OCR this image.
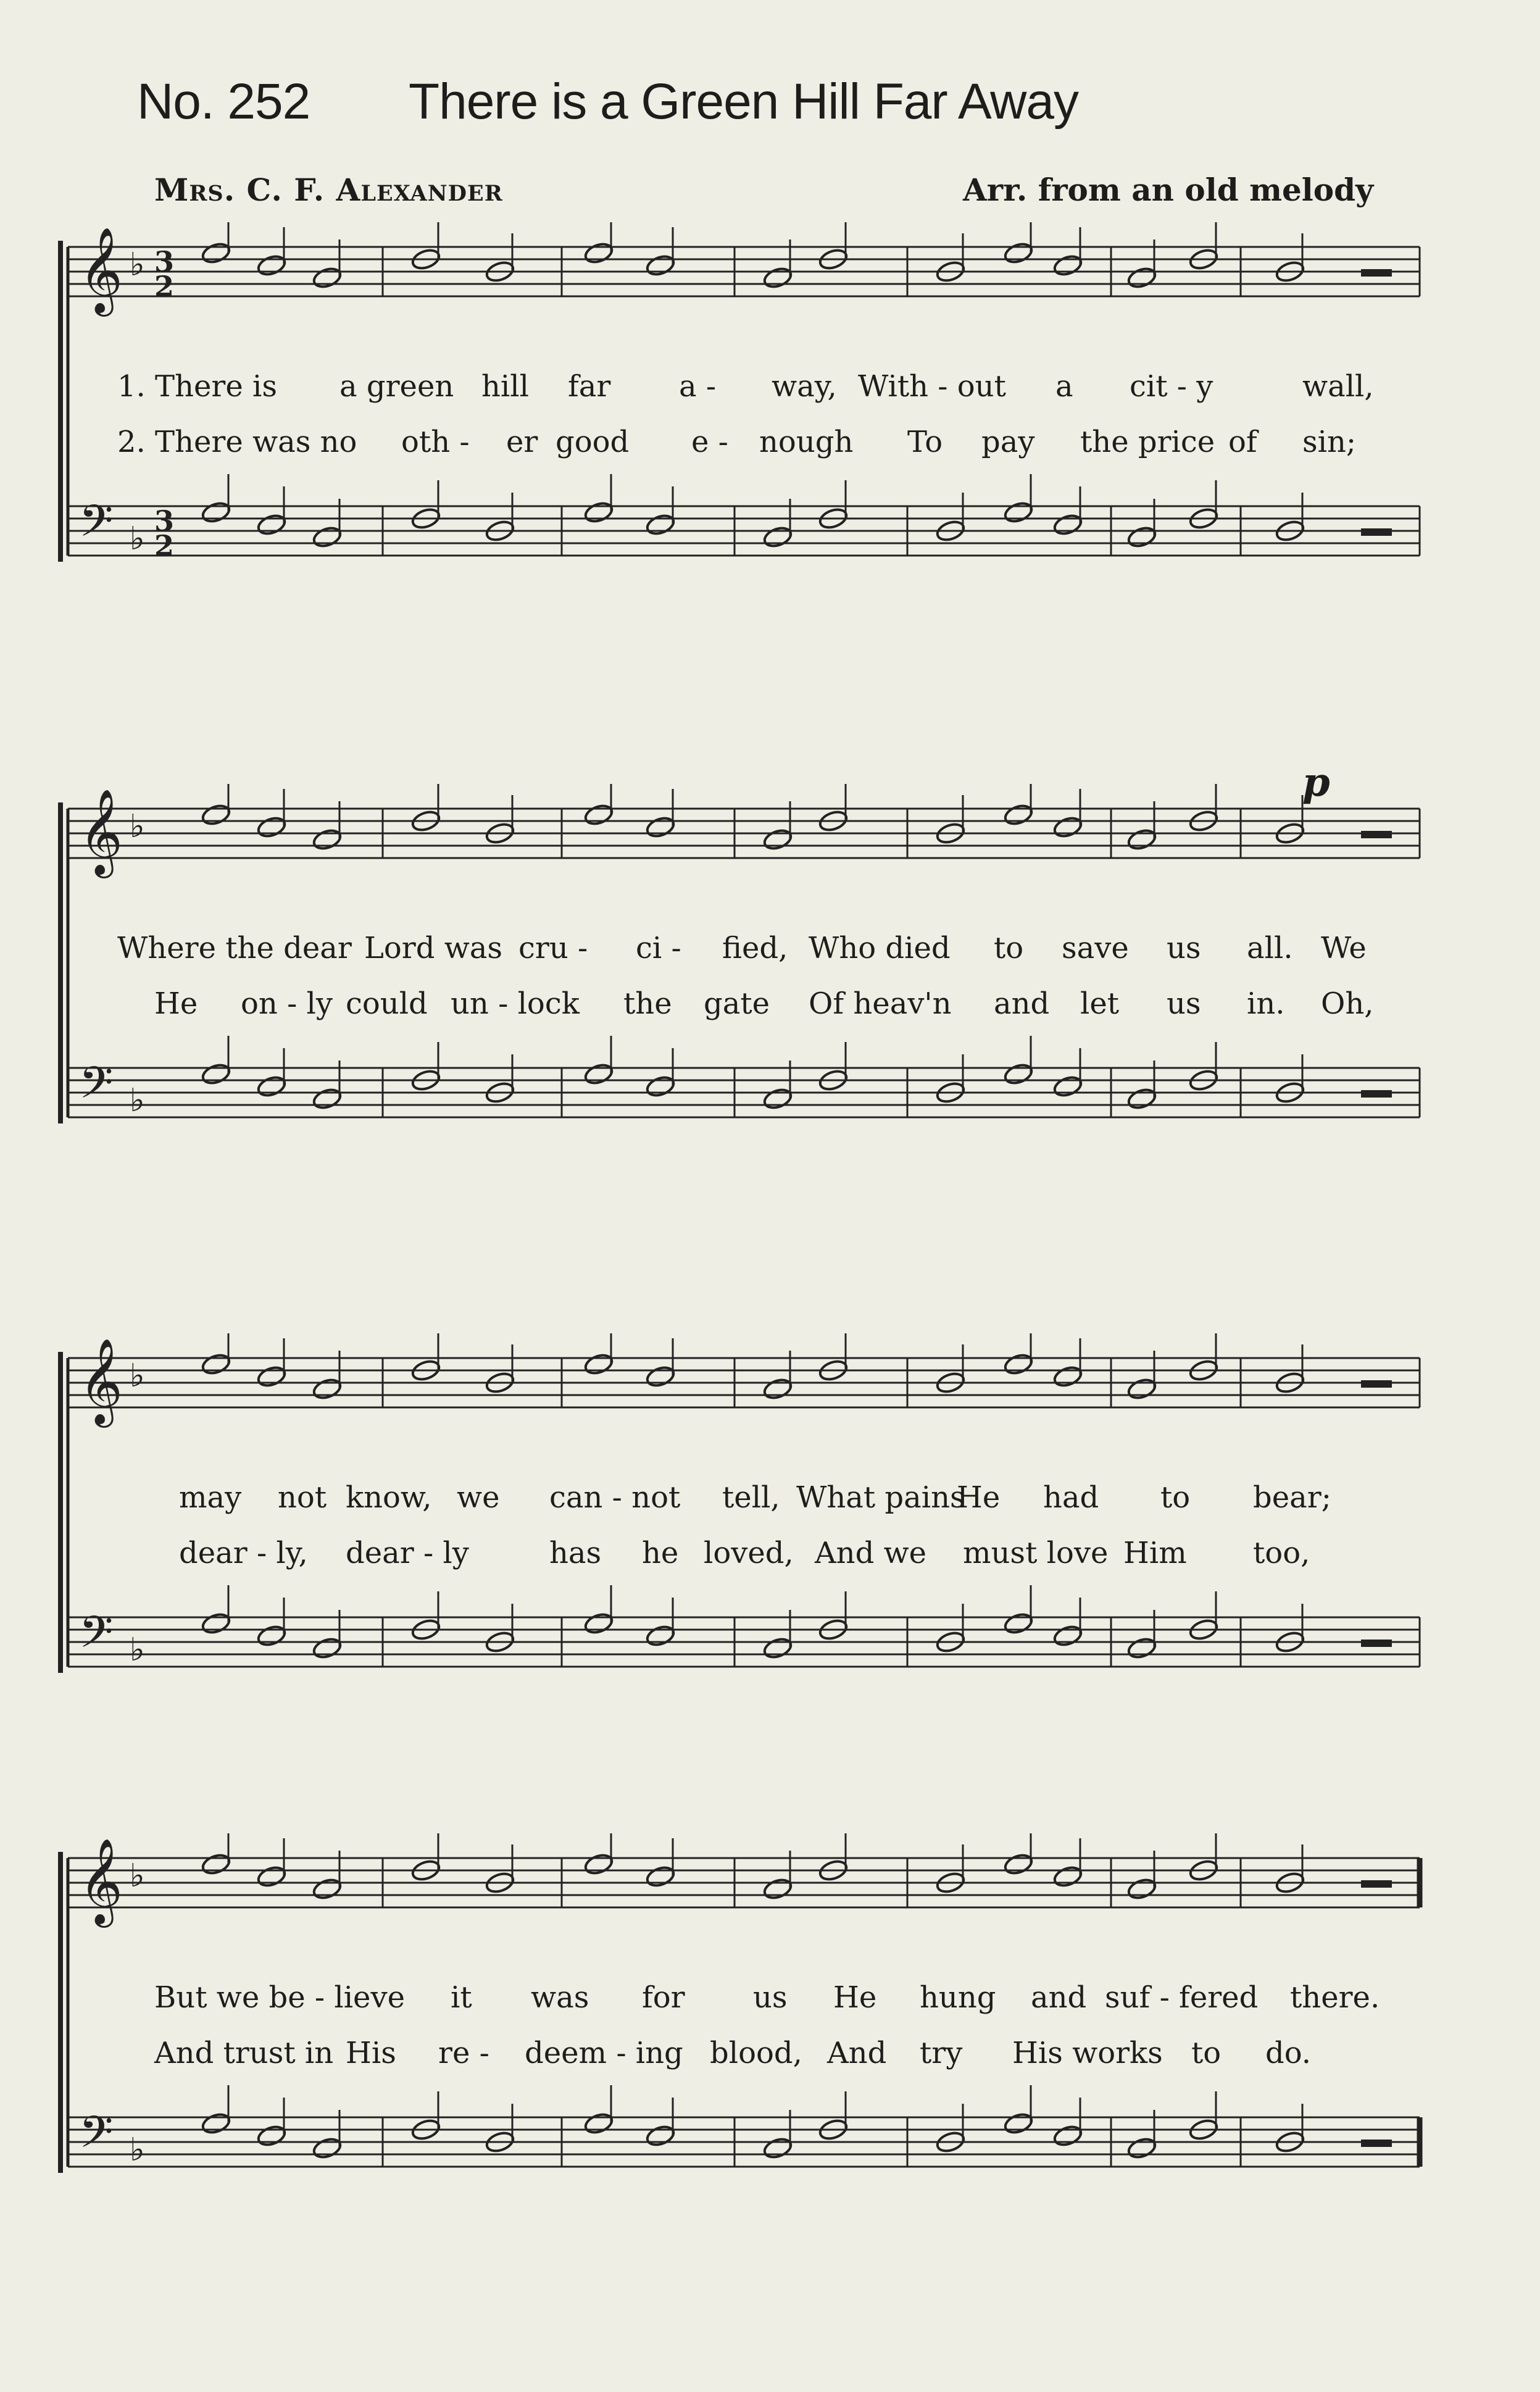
No. 252 There is a Green Hill Far Away
Mrs. C. F. Alexander	Arr. from an old melody
p
𝄞 ♭ 3
2
𝄢 ♭ 3
2
1. There is a green hill far a - way, With - out a cit - y	wall,
2. There was no oth - er good e - nough To pay the price of sin;
𝄞 ♭
𝄢 ♭
Where the dear Lord was cru - ci - fied, Who died to save us all. We
He on - ly could un - lock the gate Of heav'n and let us in. Oh,
𝄞 ♭
𝄢 ♭
may not know, we can - not tell, What pains
He had to bear;
dear - ly, dear - ly	has he loved, And we must love Him too,
𝄞 ♭
𝄢 ♭
But we be - lieve it was for us He hung and suf - fered there.
And trust in His re - deem - ing blood, And try His works to do.
